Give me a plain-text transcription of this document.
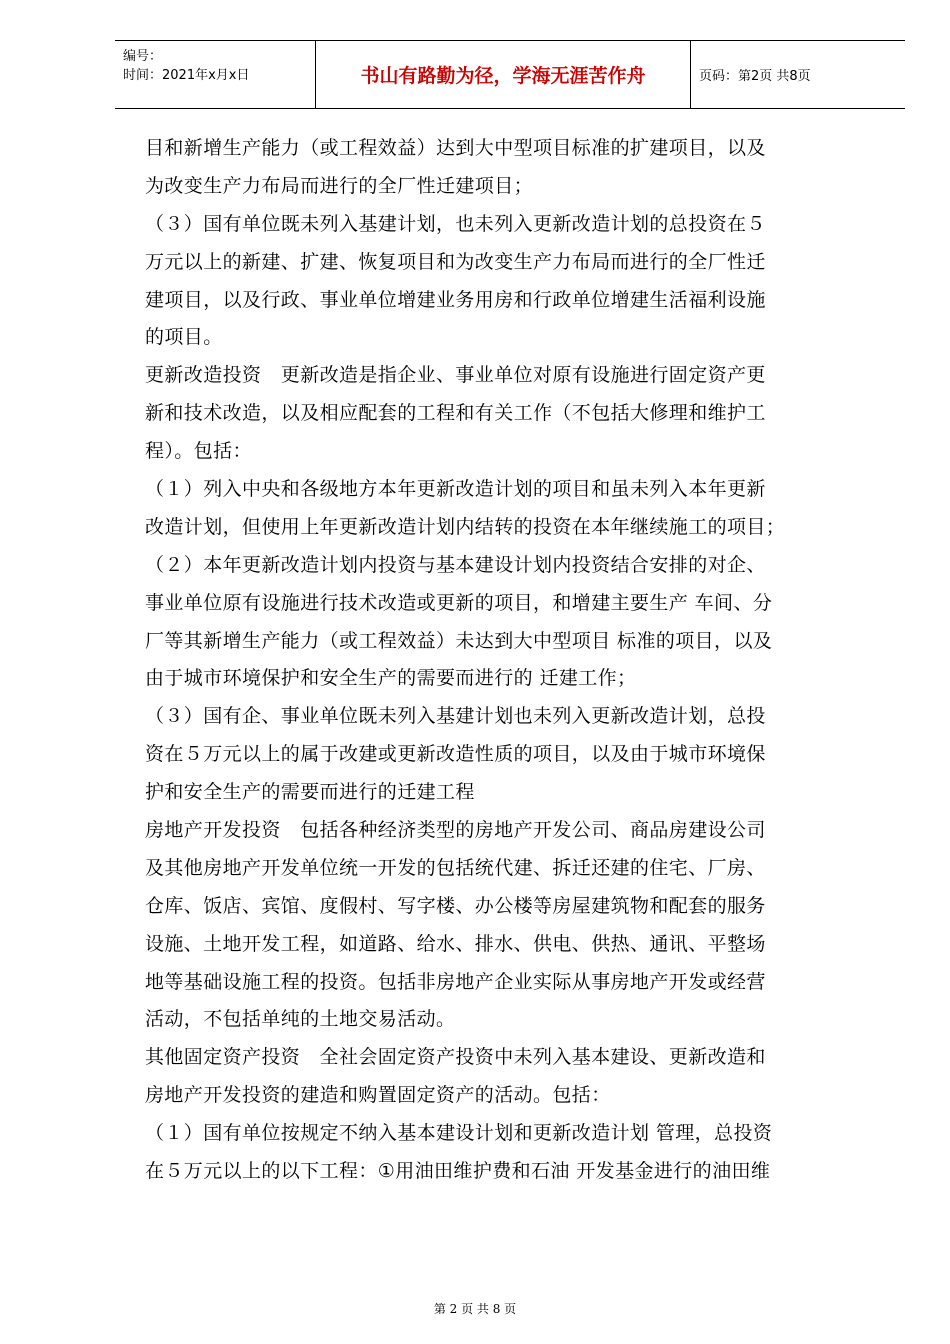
编号：
时间：2021年x月x日	书山有路勤为径，学海无涯苦作舟	页码：第2页 共8页
目和新增生产能力（或工程效益）达到大中型项目标准的扩建项目，以及
为改变生产力布局而进行的全厂性迁建项目；
（３）国有单位既未列入基建计划，也未列入更新改造计划的总投资在５
万元以上的新建、扩建、恢复项目和为改变生产力布局而进行的全厂性迁
建项目，以及行政、事业单位增建业务用房和行政单位增建生活福利设施
的项目。
更新改造投资　更新改造是指企业、事业单位对原有设施进行固定资产更
新和技术改造，以及相应配套的工程和有关工作（不包括大修理和维护工
程）。包括：
（１）列入中央和各级地方本年更新改造计划的项目和虽未列入本年更新
改造计划，但使用上年更新改造计划内结转的投资在本年继续施工的项目；
（２）本年更新改造计划内投资与基本建设计划内投资结合安排的对企、
事业单位原有设施进行技术改造或更新的项目，和增建主要生产 车间、分
厂等其新增生产能力（或工程效益）未达到大中型项目 标准的项目，以及
由于城市环境保护和安全生产的需要而进行的 迁建工作；
（３）国有企、事业单位既未列入基建计划也未列入更新改造计划，总投
资在５万元以上的属于改建或更新改造性质的项目，以及由于城市环境保
护和安全生产的需要而进行的迁建工程
房地产开发投资　包括各种经济类型的房地产开发公司、商品房建设公司
及其他房地产开发单位统一开发的包括统代建、拆迁还建的住宅、厂房、
仓库、饭店、宾馆、度假村、写字楼、办公楼等房屋建筑物和配套的服务
设施、土地开发工程，如道路、给水、排水、供电、供热、通讯、平整场
地等基础设施工程的投资。包括非房地产企业实际从事房地产开发或经营
活动，不包括单纯的土地交易活动。
其他固定资产投资　全社会固定资产投资中未列入基本建设、更新改造和
房地产开发投资的建造和购置固定资产的活动。包括：
（１）国有单位按规定不纳入基本建设计划和更新改造计划 管理，总投资
在５万元以上的以下工程：①用油田维护费和石油 开发基金进行的油田维
第 2 页 共 8 页
